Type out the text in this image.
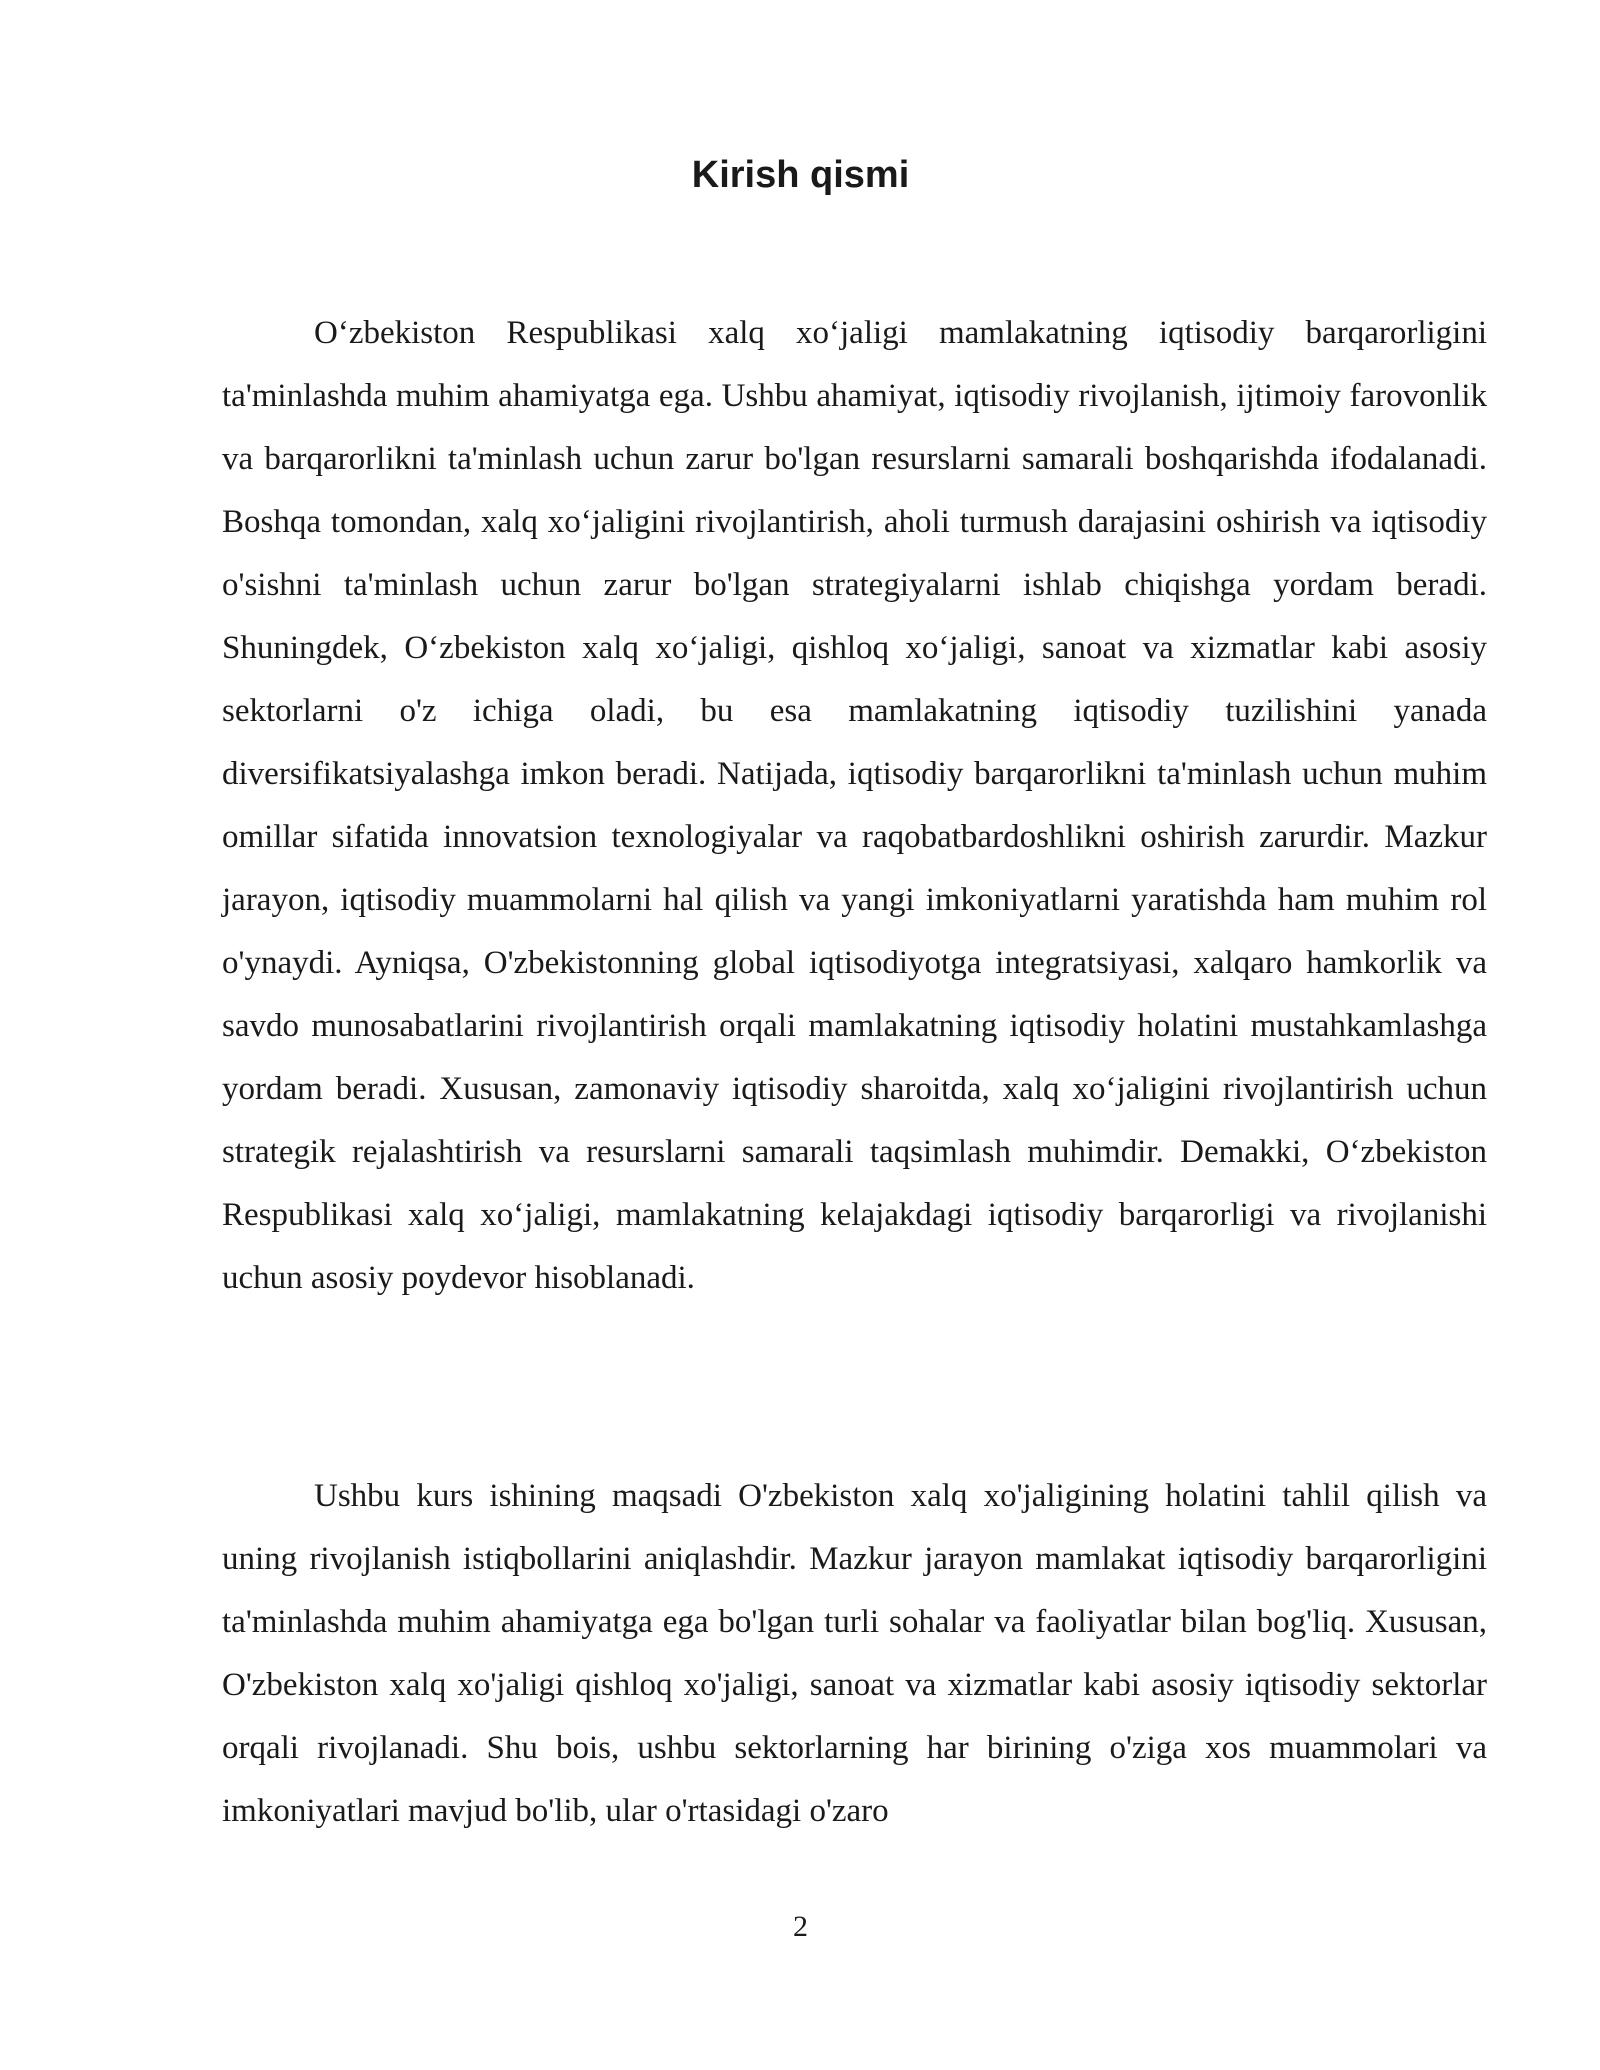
Kirish qismi

O‘zbekiston Respublikasi xalq xo‘jaligi mamlakatning iqtisodiy barqarorligini ta'minlashda muhim ahamiyatga ega. Ushbu ahamiyat, iqtisodiy rivojlanish, ijtimoiy farovonlik va barqarorlikni ta'minlash uchun zarur bo'lgan resurslarni samarali boshqarishda ifodalanadi. Boshqa tomondan, xalq xo‘jaligini rivojlantirish, aholi turmush darajasini oshirish va iqtisodiy o'sishni ta'minlash uchun zarur bo'lgan strategiyalarni ishlab chiqishga yordam beradi. Shuningdek, O‘zbekiston xalq xo‘jaligi, qishloq xo‘jaligi, sanoat va xizmatlar kabi asosiy sektorlarni o'z ichiga oladi, bu esa mamlakatning iqtisodiy tuzilishini yanada diversifikatsiyalashga imkon beradi. Natijada, iqtisodiy barqarorlikni ta'minlash uchun muhim omillar sifatida innovatsion texnologiyalar va raqobatbardoshlikni oshirish zarurdir. Mazkur jarayon, iqtisodiy muammolarni hal qilish va yangi imkoniyatlarni yaratishda ham muhim rol o'ynaydi. Ayniqsa, O'zbekistonning global iqtisodiyotga integratsiyasi, xalqaro hamkorlik va savdo munosabatlarini rivojlantirish orqali mamlakatning iqtisodiy holatini mustahkamlashga yordam beradi. Xususan, zamonaviy iqtisodiy sharoitda, xalq xo‘jaligini rivojlantirish uchun strategik rejalashtirish va resurslarni samarali taqsimlash muhimdir. Demakki, O‘zbekiston Respublikasi xalq xo‘jaligi, mamlakatning kelajakdagi iqtisodiy barqarorligi va rivojlanishi uchun asosiy poydevor hisoblanadi.

Ushbu kurs ishining maqsadi O'zbekiston xalq xo'jaligining holatini tahlil qilish va uning rivojlanish istiqbollarini aniqlashdir. Mazkur jarayon mamlakat iqtisodiy barqarorligini ta'minlashda muhim ahamiyatga ega bo'lgan turli sohalar va faoliyatlar bilan bog'liq. Xususan, O'zbekiston xalq xo'jaligi qishloq xo'jaligi, sanoat va xizmatlar kabi asosiy iqtisodiy sektorlar orqali rivojlanadi. Shu bois, ushbu sektorlarning har birining o'ziga xos muammolari va imkoniyatlari mavjud bo'lib, ular o'rtasidagi o'zaro

2
